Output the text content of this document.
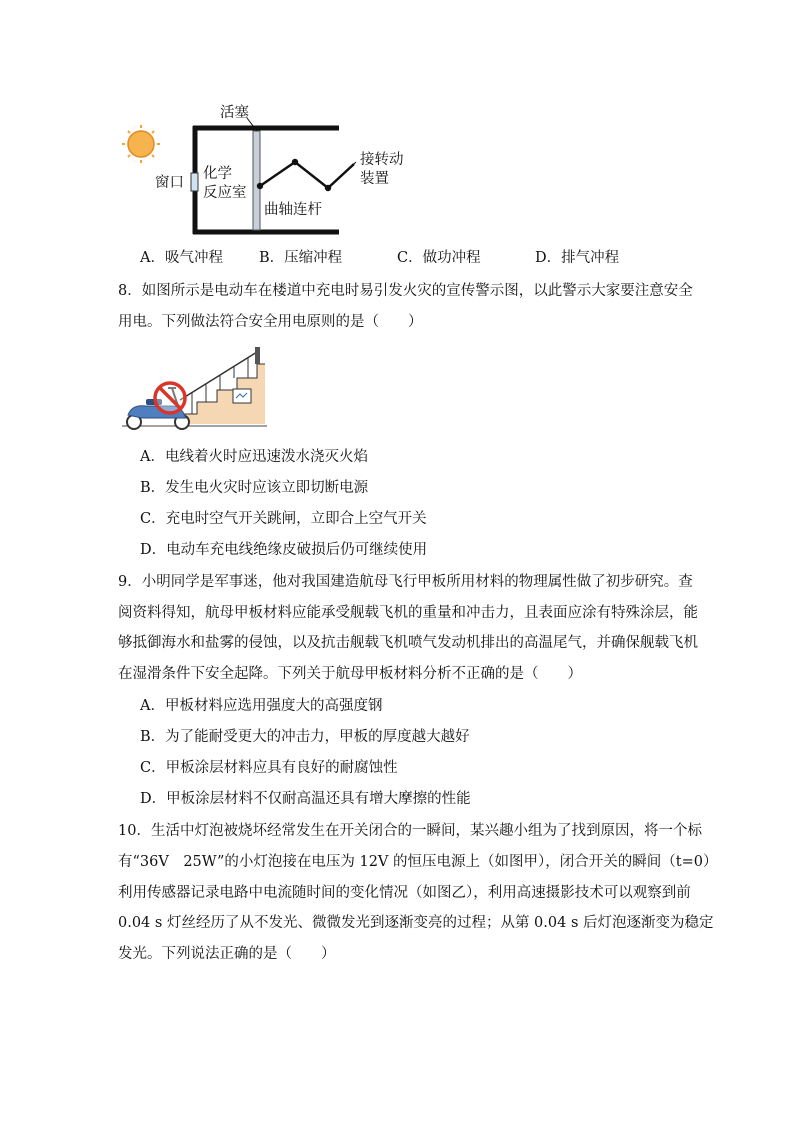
活塞
窗口
化学
反应室
曲轴连杆
接转动
装置
A．吸气冲程 B．压缩冲程	C．做功冲程	D．排气冲程
8．如图所示是电动车在楼道中充电时易引发火灾的宣传警示图，以此警示大家要注意安全
用电。下列做法符合安全用电原则的是（　　）
A．电线着火时应迅速泼水浇灭火焰
B．发生电火灾时应该立即切断电源
C．充电时空气开关跳闸，立即合上空气开关
D．电动车充电线绝缘皮破损后仍可继续使用
9．小明同学是军事迷，他对我国建造航母飞行甲板所用材料的物理属性做了初步研究。查
阅资料得知，航母甲板材料应能承受舰载飞机的重量和冲击力，且表面应涂有特殊涂层，能
够抵御海水和盐雾的侵蚀，以及抗击舰载飞机喷气发动机排出的高温尾气，并确保舰载飞机
在湿滑条件下安全起降。下列关于航母甲板材料分析不正确的是（　　）
A．甲板材料应选用强度大的高强度钢
B．为了能耐受更大的冲击力，甲板的厚度越大越好
C．甲板涂层材料应具有良好的耐腐蚀性
D．甲板涂层材料不仅耐高温还具有增大摩擦的性能
10．生活中灯泡被烧坏经常发生在开关闭合的一瞬间，某兴趣小组为了找到原因，将一个标
有“36V　25W”的小灯泡接在电压为 12V 的恒压电源上（如图甲），闭合开关的瞬间（t=0）
利用传感器记录电路中电流随时间的变化情况（如图乙），利用高速摄影技术可以观察到前
0.04 s 灯丝经历了从不发光、微微发光到逐渐变亮的过程；从第 0.04 s 后灯泡逐渐变为稳定
发光。下列说法正确的是（　　）
